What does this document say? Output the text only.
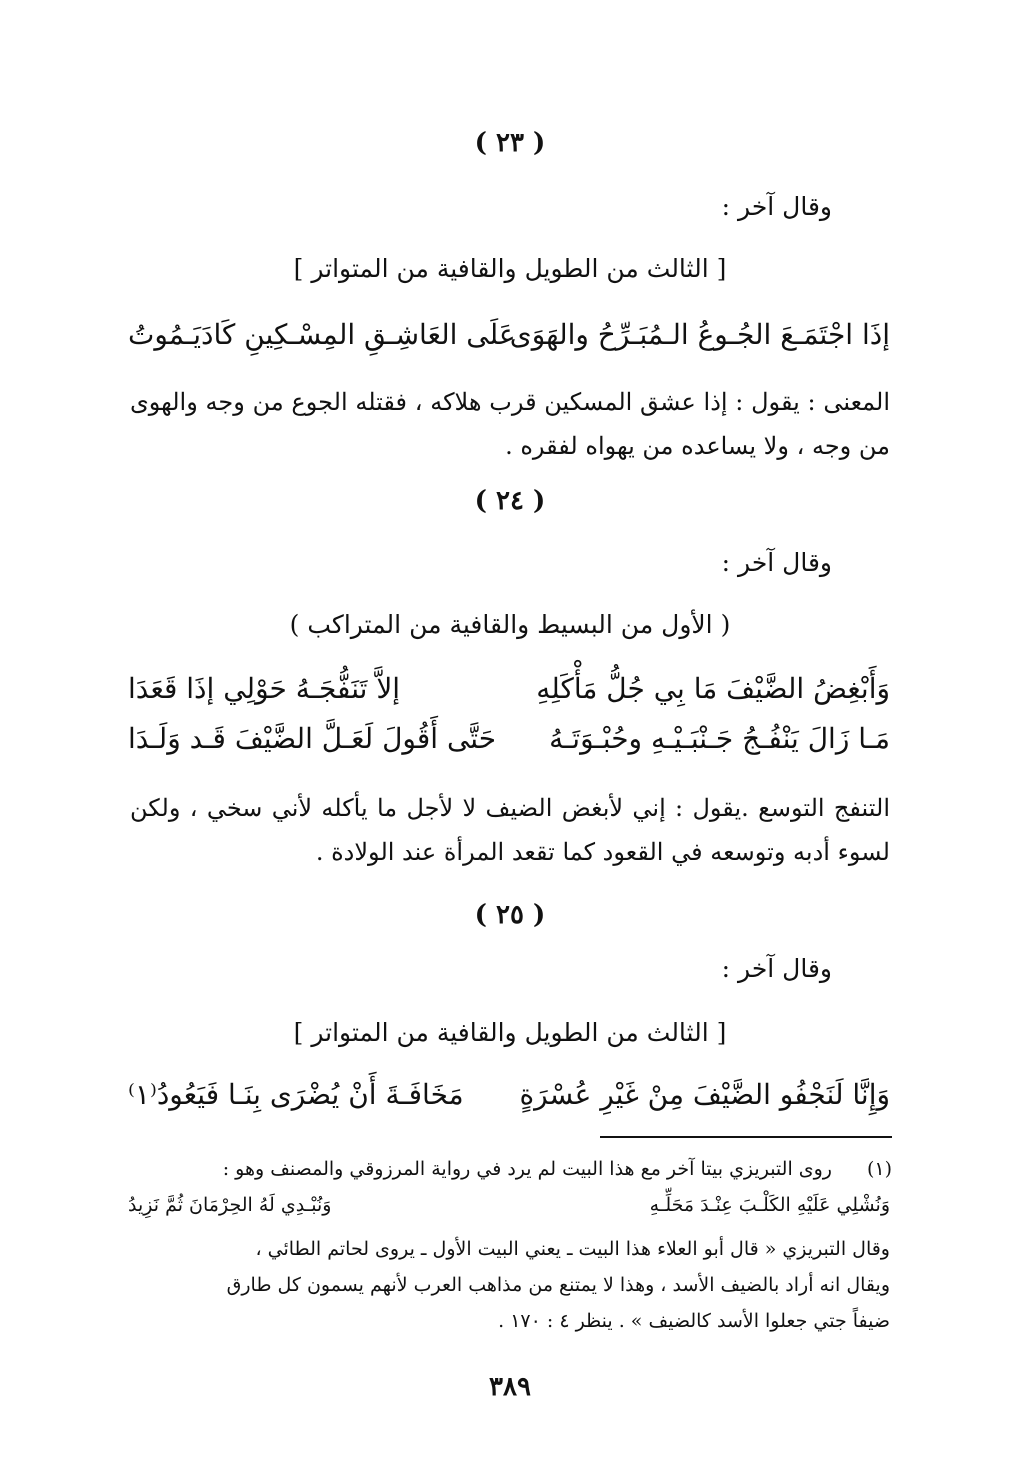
( ٢٣ )
وقال آخر :
[ الثالث من الطويل والقافية من المتواتر ]
إذَا اجْتَمَـعَ الجُـوعُ الـمُبَـرِّحُ والهَوَى
عَلَى العَاشِـقِ المِسْـكِينِ كَادَيَـمُوتُ
المعنى : يقول : إذا عشق المسكين قرب هلاكه ، فقتله الجوع من وجه والهوى من وجه ، ولا يساعده من يهواه لفقره .
( ٢٤ )
وقال آخر :
( الأول من البسيط والقافية من المتراكب )
وَأَبْغِضُ الضَّيْفَ مَا بِي جُلُّ مَأْكَلِهِ
إلاَّ تَنَفُّجَـهُ حَوْلِي إذَا قَعَدَا
مَـا زَالَ يَنْفُـجُ جَـنْبَـيْـهِ وحُبْـوَتَـهُ
حَتَّى أَقُولَ لَعَـلَّ الضَّيْفَ قَـد وَلَـدَا
التنفج التوسع .يقول : إني لأبغض الضيف لا لأجل ما يأكله لأني سخي ، ولكن لسوء أدبه وتوسعه في القعود كما تقعد المرأة عند الولادة .
( ٢٥ )
وقال آخر :
[ الثالث من الطويل والقافية من المتواتر ]
وَإِنَّا لَنَجْفُو الضَّيْفَ مِنْ غَيْرِ عُسْرَةٍ
مَخَافَـةَ أَنْ يُضْرَى بِنَـا فَيَعُودُ⁽١⁾
(١)
روى التبريزي بيتا آخر مع هذا البيت لم يرد في رواية المرزوقي والمصنف وهو :
وَنُشْلِي عَلَيْهِ الكَلْـبَ عِنْـدَ مَحَلِّـهِ
وَنُبْـدِي لَهُ الحِرْمَانَ ثُمَّ نَزِيدُ
وقال التبريزي « قال أبو العلاء هذا البيت ـ يعني البيت الأول ـ يروى لحاتم الطائي ،
ويقال انه أراد بالضيف الأسد ، وهذا لا يمتنع من مذاهب العرب لأنهم يسمون كل طارق
ضيفاً جتي جعلوا الأسد كالضيف » . ينظر ٤ : ١٧٠ .
٣٨٩
